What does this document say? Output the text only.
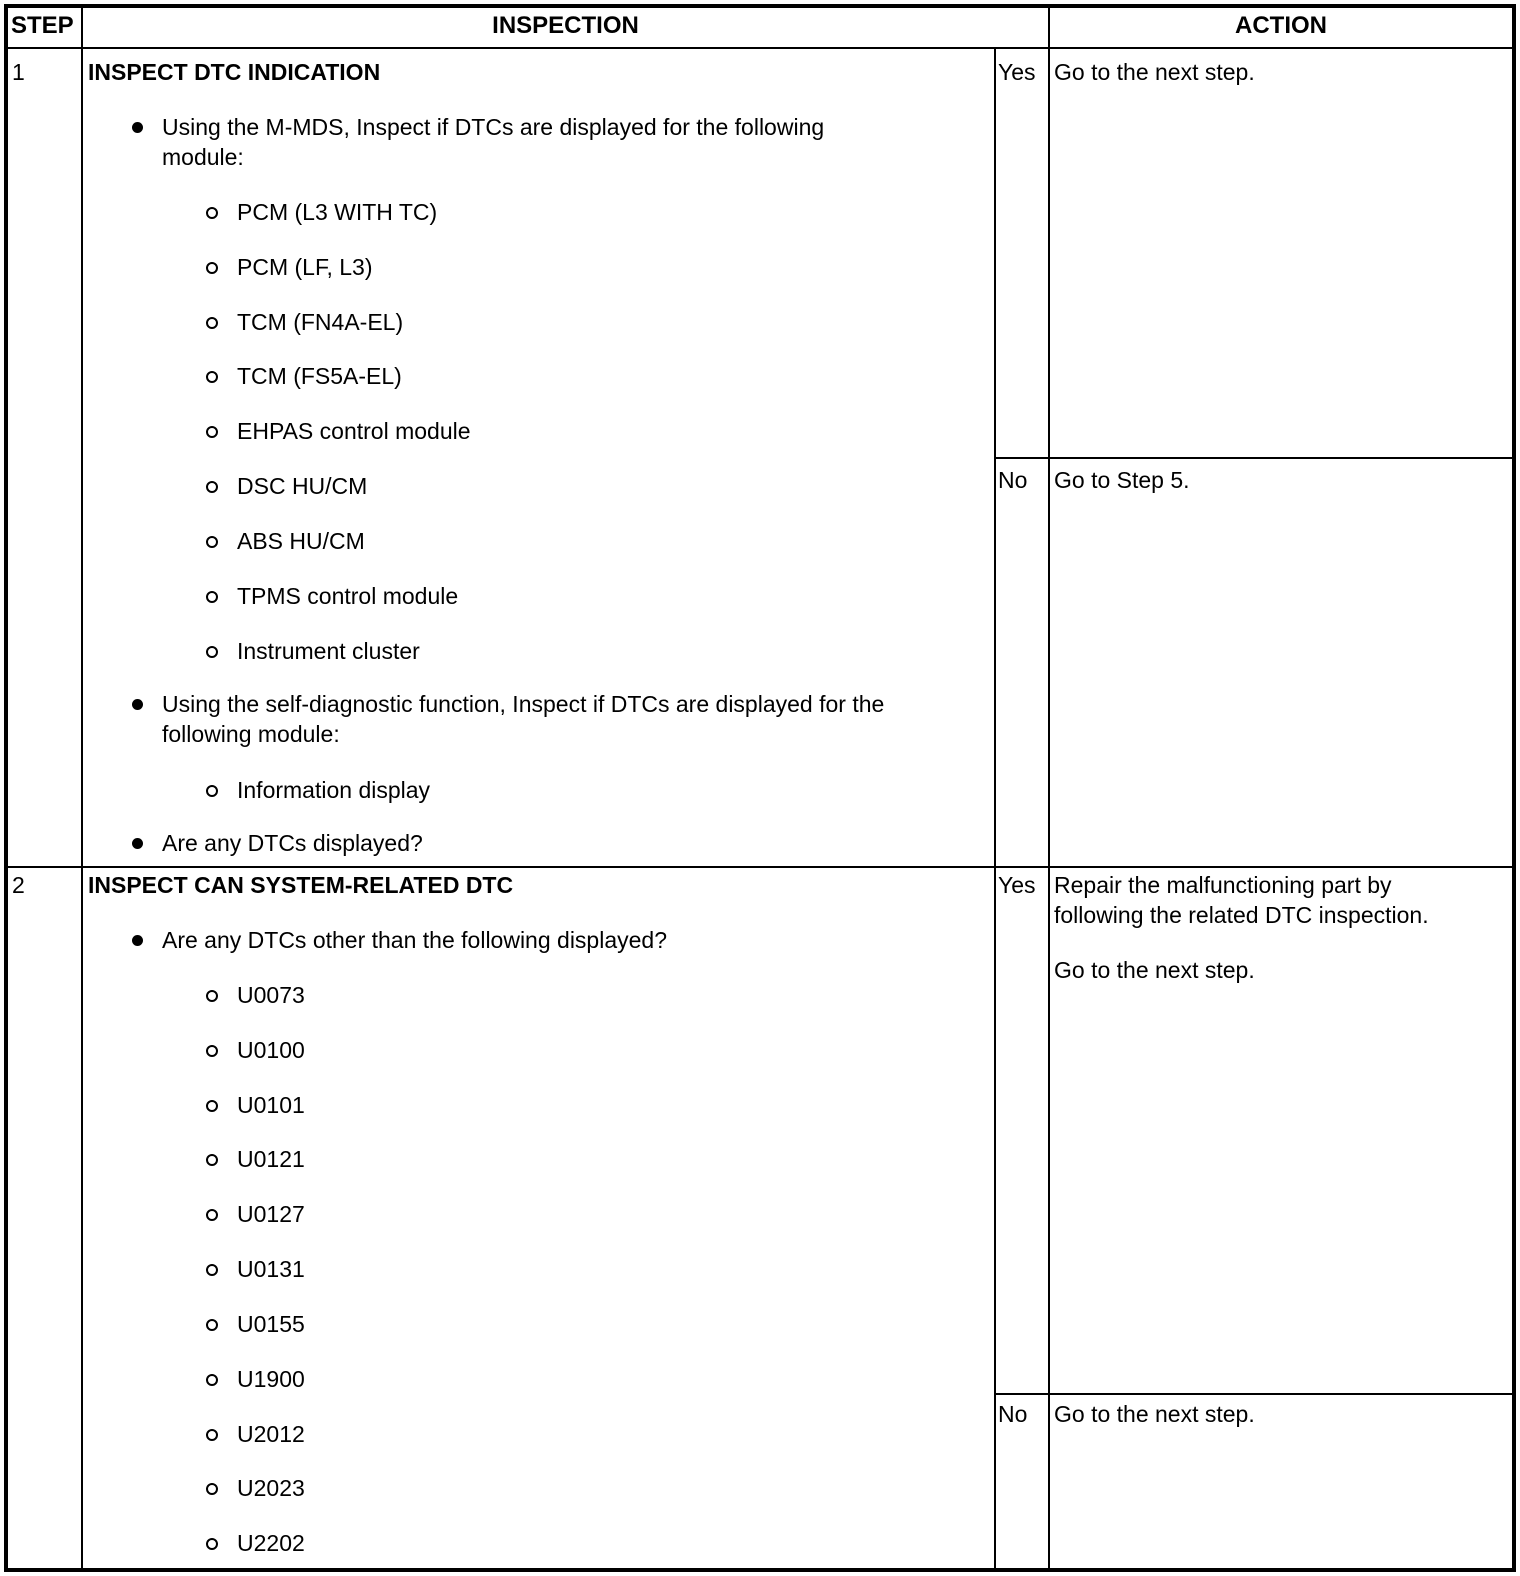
STEP	INSPECTION	ACTION
1	INSPECT DTC INDICATION
Using the M-MDS, Inspect if DTCs are displayed for the following
module:
PCM (L3 WITH TC)
PCM (LF, L3)
TCM (FN4A-EL)
TCM (FS5A-EL)
EHPAS control module
DSC HU/CM
ABS HU/CM
TPMS control module
Instrument cluster
Using the self-diagnostic function, Inspect if DTCs are displayed for the
following module:
Information display
Are any DTCs displayed?
Yes Go to the next step.
No Go to Step 5.
2	INSPECT CAN SYSTEM-RELATED DTC
Are any DTCs other than the following displayed?
U0073
U0100
U0101
U0121
U0127
U0131
U0155
U1900
U2012
U2023
U2202
Yes Repair the malfunctioning part by
following the related DTC inspection.
Go to the next step.
No Go to the next step.
